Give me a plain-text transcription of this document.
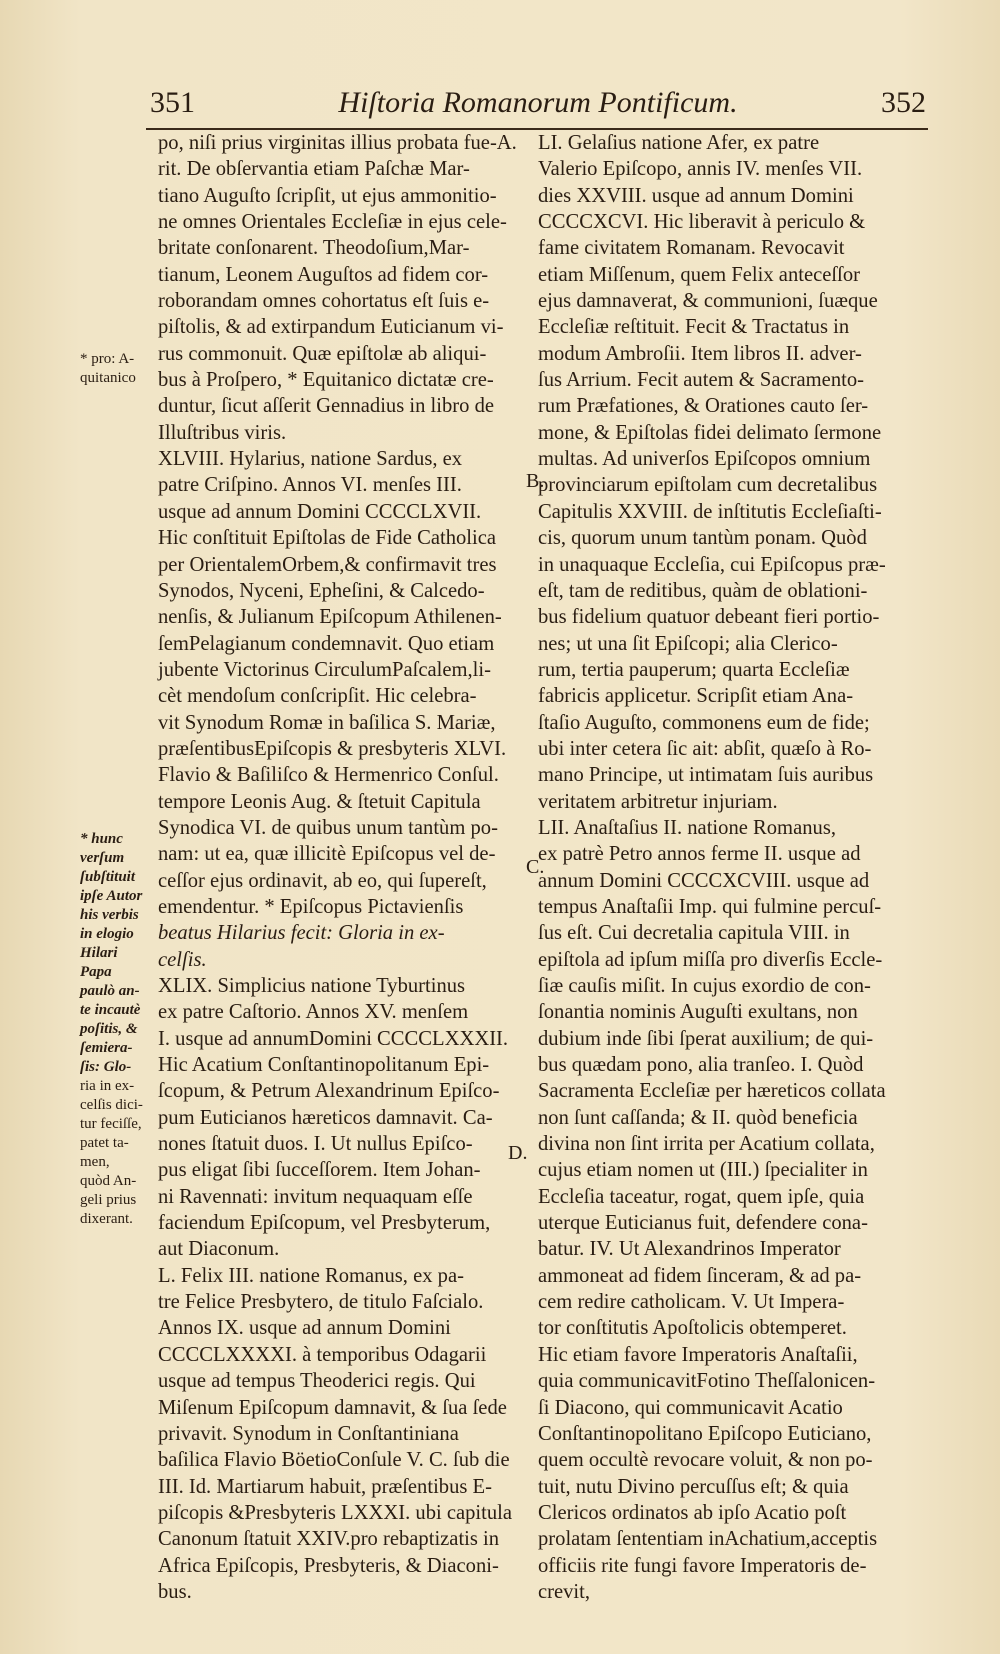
351	Hiſtoria Romanorum Pontificum.	352
po, niſi prius virginitas illius probata fue-A.
rit. De obſervantia etiam Paſchæ Mar-
tiano Auguſto ſcripſit, ut ejus ammonitio-
ne omnes Orientales Eccleſiæ in ejus cele-
britate conſonarent. Theodoſium,Mar-
tianum, Leonem Auguſtos ad fidem cor-
roborandam omnes cohortatus eſt ſuis e-
piſtolis, & ad extirpandum Euticianum vi-
rus commonuit. Quæ epiſtolæ ab aliqui-
bus à Proſpero, * Equitanico dictatæ cre-
duntur, ſicut aſſerit Gennadius in libro de
Illuſtribus viris.
XLVIII. Hylarius, natione Sardus, ex
patre Criſpino. Annos VI. menſes III.
usque ad annum Domini CCCCLXVII.
Hic conſtituit Epiſtolas de Fide Catholica
per OrientalemOrbem,& confirmavit tres
Synodos, Nyceni, Epheſini, & Calcedo-
nenſis, & Julianum Epiſcopum Athilenen-
ſemPelagianum condemnavit. Quo etiam
jubente Victorinus CirculumPaſcalem,li-
cèt mendoſum conſcripſit. Hic celebra-
vit Synodum Romæ in baſilica S. Mariæ,
præſentibusEpiſcopis & presbyteris XLVI.
Flavio & Baſiliſco & Hermenrico Conſul.
tempore Leonis Aug. & ſtetuit Capitula
Synodica VI. de quibus unum tantùm po-
nam: ut ea, quæ illicitè Epiſcopus vel de-
ceſſor ejus ordinavit, ab eo, qui ſupereſt,
emendentur. * Epiſcopus Pictavienſis
beatus Hilarius fecit: Gloria in ex-
celſis.
XLIX. Simplicius natione Tyburtinus
ex patre Caſtorio. Annos XV. menſem
I. usque ad annumDomini CCCCLXXXII.
Hic Acatium Conſtantinopolitanum Epi-
ſcopum, & Petrum Alexandrinum Epiſco-
pum Euticianos hæreticos damnavit. Ca-
nones ſtatuit duos. I. Ut nullus Epiſco-
pus eligat ſibi ſucceſſorem. Item Johan-
ni Ravennati: invitum nequaquam eſſe
faciendum Epiſcopum, vel Presbyterum,
aut Diaconum.
L. Felix III. natione Romanus, ex pa-
tre Felice Presbytero, de titulo Faſcialo.
Annos IX. usque ad annum Domini
CCCCLXXXXI. à temporibus Odagarii
usque ad tempus Theoderici regis. Qui
Miſenum Epiſcopum damnavit, & ſua ſede
privavit. Synodum in Conſtantiniana
baſilica Flavio BöetioConſule V. C. ſub die
III. Id. Martiarum habuit, præſentibus E-
piſcopis &Presbyteris LXXXI. ubi capitula
Canonum ſtatuit XXIV.pro rebaptizatis in
Africa Epiſcopis, Presbyteris, & Diaconi-
bus.
LI. Gelaſius natione Afer, ex patre
Valerio Epiſcopo, annis IV. menſes VII.
dies XXVIII. usque ad annum Domini
CCCCXCVI. Hic liberavit à periculo &
fame civitatem Romanam. Revocavit
etiam Miſſenum, quem Felix anteceſſor
ejus damnaverat, & communioni, ſuæque
Eccleſiæ reſtituit. Fecit & Tractatus in
modum Ambroſii. Item libros II. adver-
ſus Arrium. Fecit autem & Sacramento-
rum Præfationes, & Orationes cauto ſer-
mone, & Epiſtolas fidei delimato ſermone
multas. Ad univerſos Epiſcopos omnium
provinciarum epiſtolam cum decretalibus
Capitulis XXVIII. de inſtitutis Eccleſiaſti-
cis, quorum unum tantùm ponam. Quòd
in unaquaque Eccleſia, cui Epiſcopus præ-
eſt, tam de reditibus, quàm de oblationi-
bus fidelium quatuor debeant fieri portio-
nes; ut una ſit Epiſcopi; alia Clerico-
rum, tertia pauperum; quarta Eccleſiæ
fabricis applicetur. Scripſit etiam Ana-
ſtaſio Auguſto, commonens eum de fide;
ubi inter cetera ſic ait: abſit, quæſo à Ro-
mano Principe, ut intimatam ſuis auribus
veritatem arbitretur injuriam.
LII. Anaſtaſius II. natione Romanus,
ex patrè Petro annos ferme II. usque ad
annum Domini CCCCXCVIII. usque ad
tempus Anaſtaſii Imp. qui fulmine percuſ-
ſus eſt. Cui decretalia capitula VIII. in
epiſtola ad ipſum miſſa pro diverſis Eccle-
ſiæ cauſis miſit. In cujus exordio de con-
ſonantia nominis Auguſti exultans, non
dubium inde ſibi ſperat auxilium; de qui-
bus quædam pono, alia tranſeo. I. Quòd
Sacramenta Eccleſiæ per hæreticos collata
non ſunt caſſanda; & II. quòd beneficia
divina non ſint irrita per Acatium collata,
cujus etiam nomen ut (III.) ſpecialiter in
Eccleſia taceatur, rogat, quem ipſe, quia
uterque Euticianus fuit, defendere cona-
batur. IV. Ut Alexandrinos Imperator
ammoneat ad fidem ſinceram, & ad pa-
cem redire catholicam. V. Ut Impera-
tor conſtitutis Apoſtolicis obtemperet.
Hic etiam favore Imperatoris Anaſtaſii,
quia communicavitFotino Theſſalonicen-
ſi Diacono, qui communicavit Acatio
Conſtantinopolitano Epiſcopo Euticiano,
quem occultè revocare voluit, & non po-
tuit, nutu Divino percuſſus eſt; & quia
Clericos ordinatos ab ipſo Acatio poſt
prolatam ſententiam inAchatium,acceptis
officiis rite fungi favore Imperatoris de-
crevit,
B.
C.
D.
* pro: A-
quitanico
* hunc
verſum
ſubſtituit
ipſe Autor
his verbis
in elogio
Hilari
Papa
paulò an-
te incautè
poſitis, &
ſemiera-
ſis: Glo-
ria in ex-
celſis dici-
tur feciſſe,
patet ta-
men,
quòd An-
geli prius
dixerant.
